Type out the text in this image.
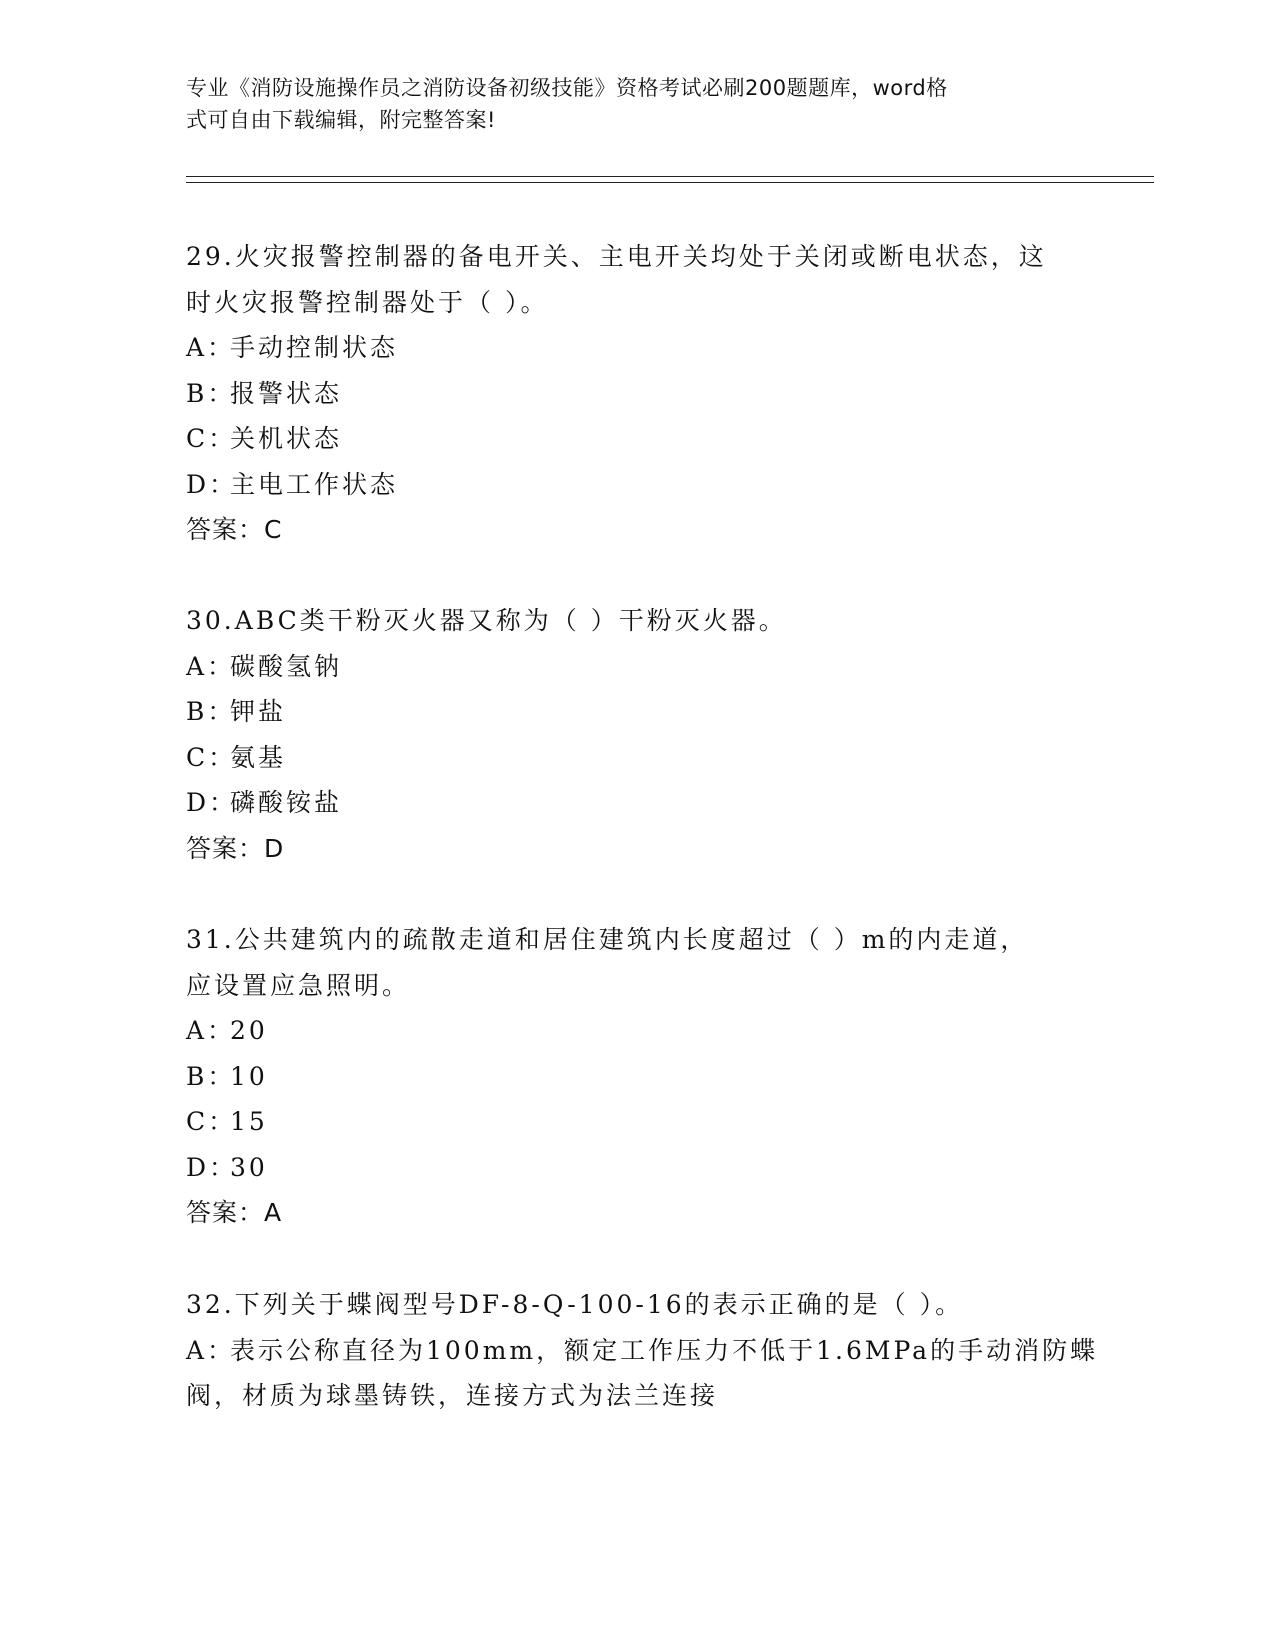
专业《消防设施操作员之消防设备初级技能》资格考试必刷200题题库，word格
式可自由下载编辑，附完整答案!
29.火灾报警控制器的备电开关、主电开关均处于关闭或断电状态，这
时火灾报警控制器处于（ ）。
A：手动控制状态
B：报警状态
C：关机状态
D：主电工作状态
答案：C
30.ABC类干粉灭火器又称为（ ）干粉灭火器。
A：碳酸氢钠
B：钾盐
C：氨基
D：磷酸铵盐
答案：D
31.公共建筑内的疏散走道和居住建筑内长度超过（ ）m的内走道，
应设置应急照明。
A：20
B：10
C：15
D：30
答案：A
32.下列关于蝶阀型号DF-8-Q-100-16的表示正确的是（ ）。
A：表示公称直径为100mm，额定工作压力不低于1.6MPa的手动消防蝶
阀，材质为球墨铸铁，连接方式为法兰连接
